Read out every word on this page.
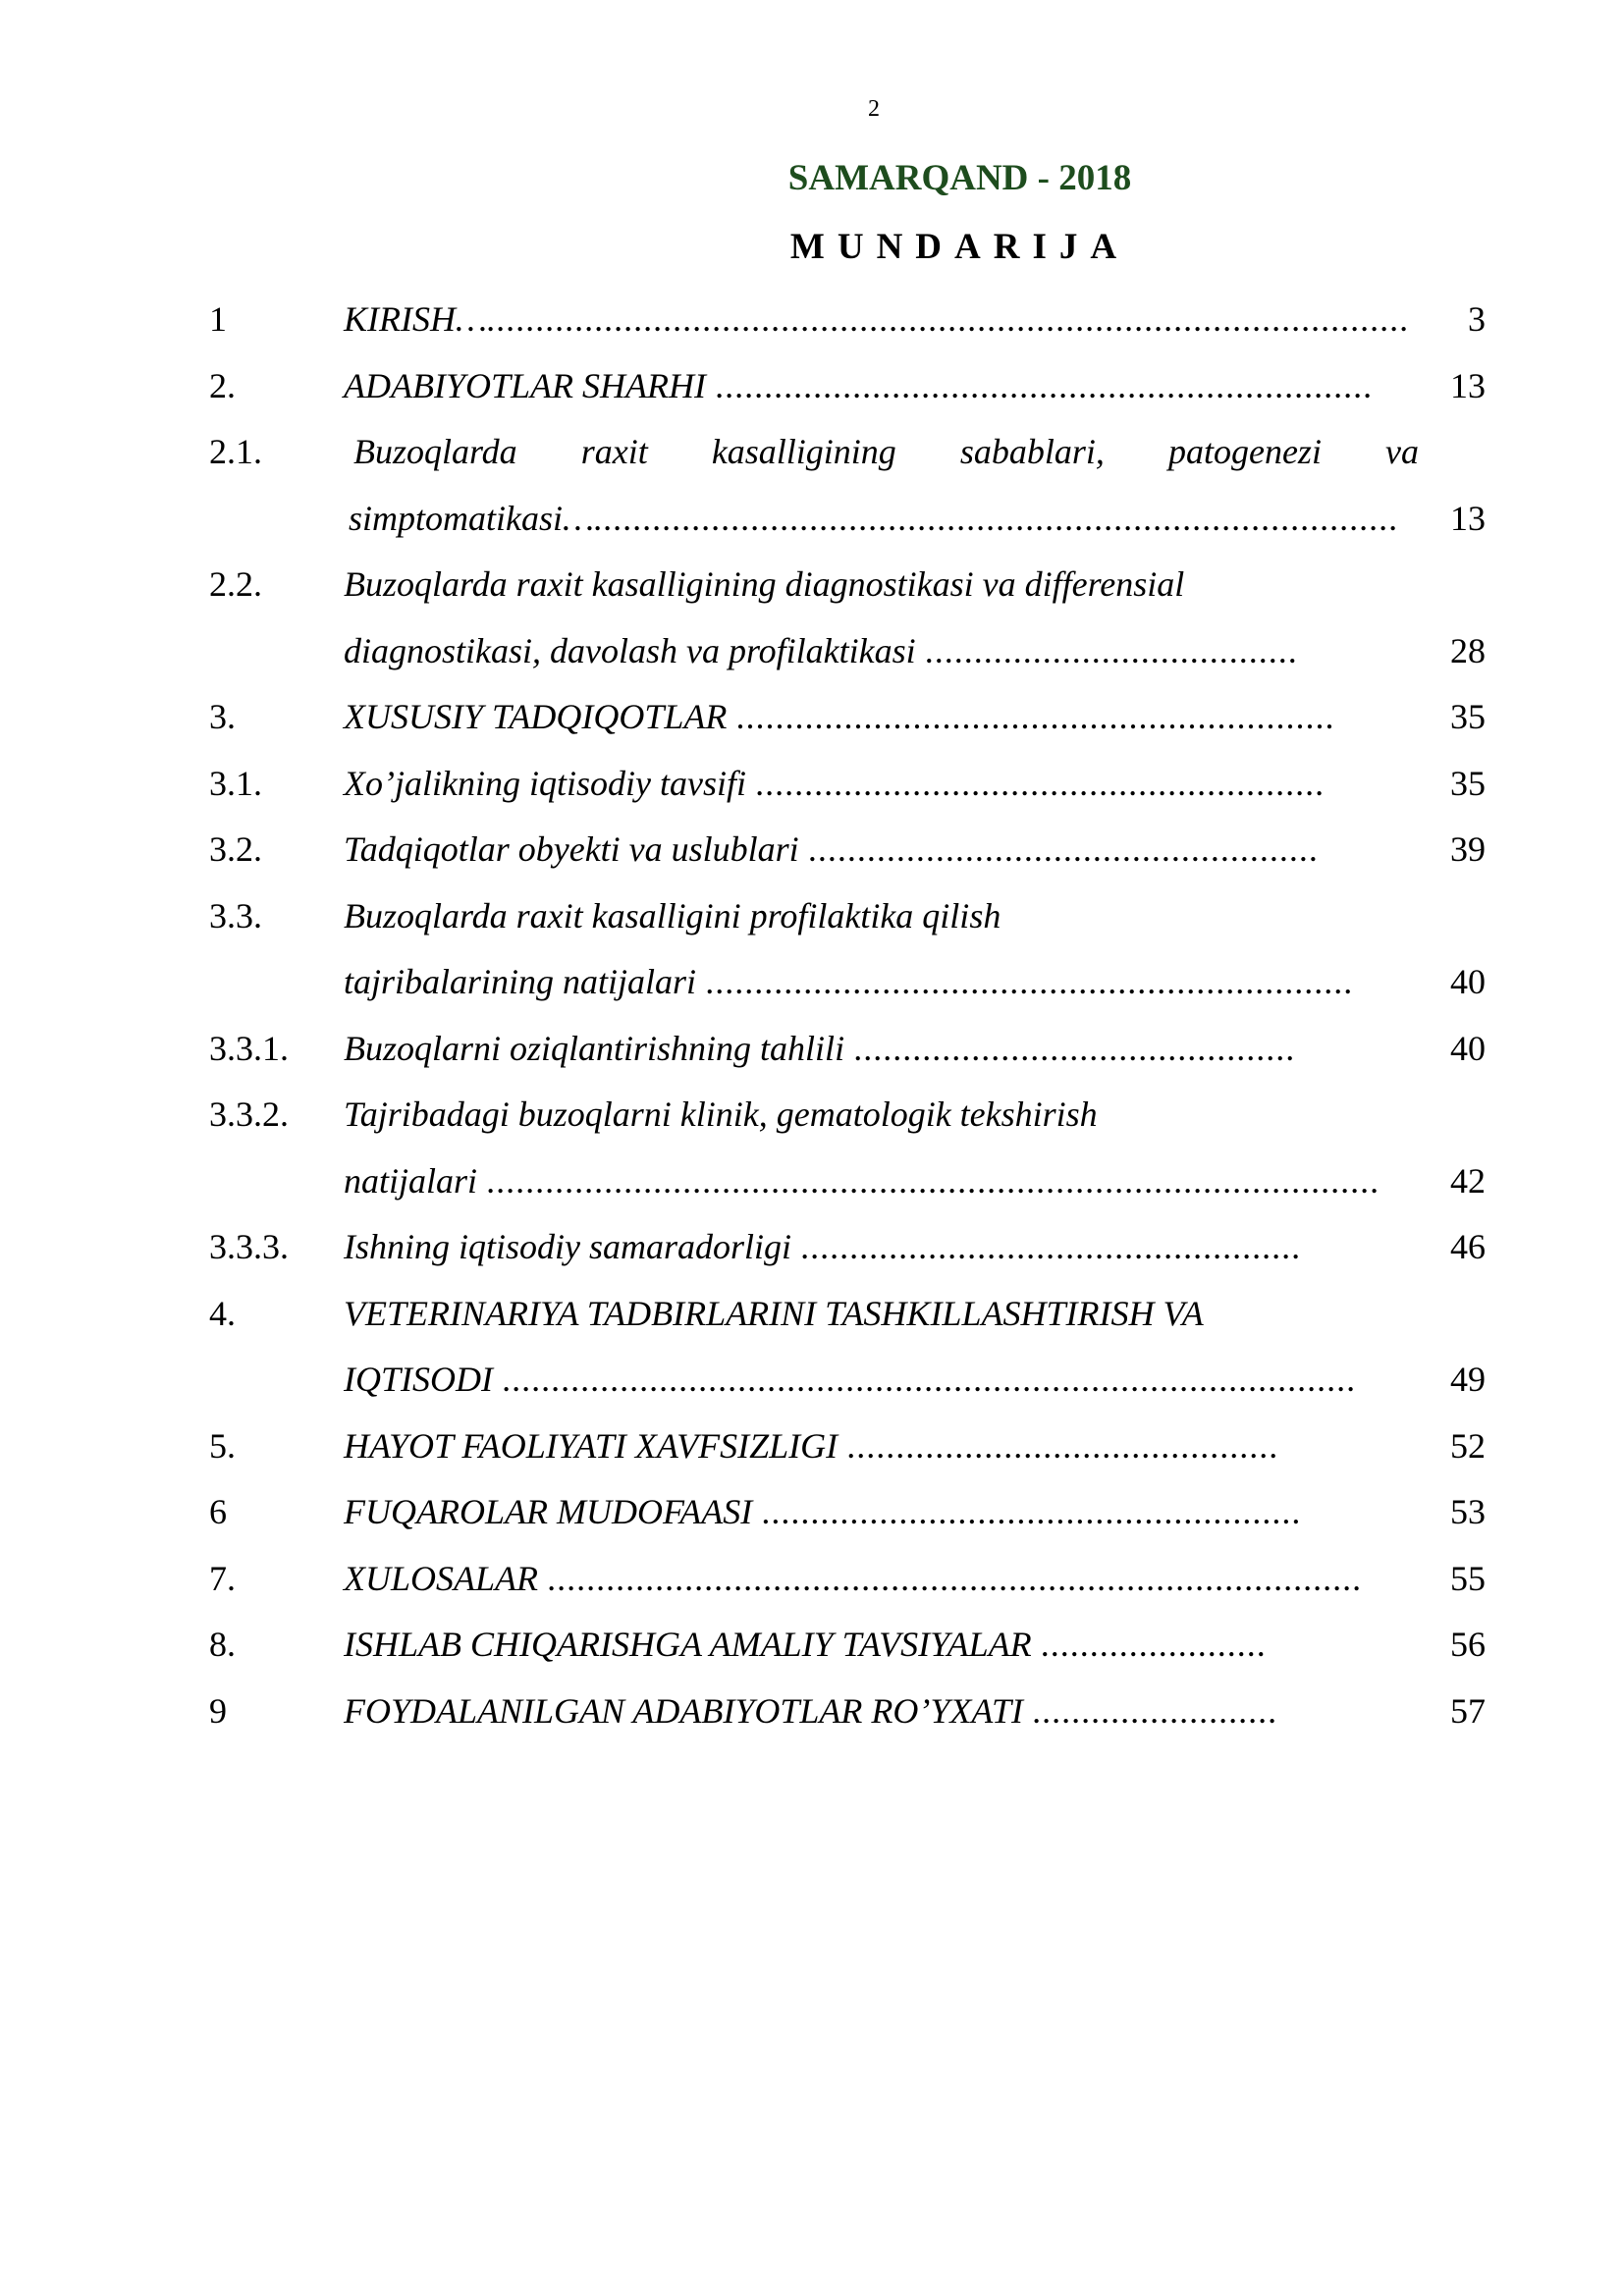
2
SAMARQAND - 2018
MUNDARIJA
1	KIRISH….............................................................................................. 3
2.	ADABIYOTLAR SHARHI ................................................................... 13
2.1.	Buzoqlarda raxit kasalligining sabablari, patogenezi va
simptomatikasi….................................................................................. 13
2.2. Buzoqlarda raxit kasalligining diagnostikasi va differensial
diagnostikasi, davolash va profilaktikasi ......................................	28
3.	XUSUSIY TADQIQOTLAR .............................................................	35
3.1. Xo’jalikning iqtisodiy tavsifi ..........................................................	35
3.2. Tadqiqotlar obyekti va uslublari ....................................................	39
3.3. Buzoqlarda raxit kasalligini profilaktika qilish
tajribalarining natijalari ..................................................................	40
3.3.1. Buzoqlarni oziqlantirishning tahlili .............................................	40
3.3.2. Tajribadagi buzoqlarni klinik, gematologik tekshirish
natijalari ........................................................................................... 42
3.3.3. Ishning iqtisodiy samaradorligi ...................................................	46
4.	VETERINARIYA TADBIRLARINI TASHKILLASHTIRISH VA
IQTISODI .......................................................................................	49
5.	HAYOT FAOLIYATI XAVFSIZLIGI ............................................	52
6	FUQAROLAR MUDOFAASI .......................................................	53
7.	XULOSALAR ................................................................................... 55
8.	ISHLAB CHIQARISHGA AMALIY TAVSIYALAR .......................	56
9	FOYDALANILGAN ADABIYOTLAR RO’YXATI .........................	57
